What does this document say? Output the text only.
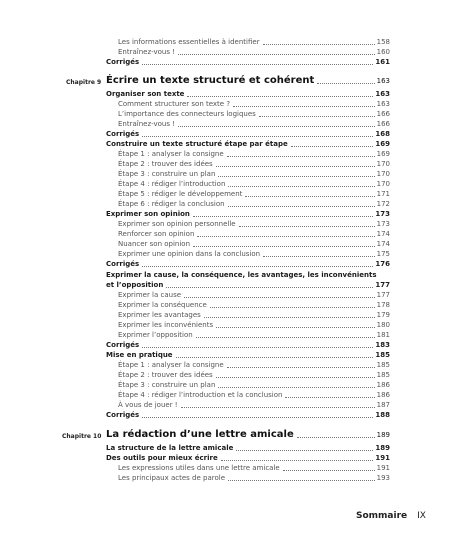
Les informations essentielles à identifier	158
Entraînez-vous !	160
Corrigés	161
Chapitre 9 Écrire un texte structuré et cohérent	163
Organiser son texte	163
Comment structurer son texte ?	163
L’importance des connecteurs logiques	166
Entraînez-vous !	166
Corrigés	168
Construire un texte structuré étape par étape	169
Étape 1 : analyser la consigne	169
Étape 2 : trouver des idées	170
Étape 3 : construire un plan	170
Étape 4 : rédiger l’introduction	170
Étape 5 : rédiger le développement	171
Étape 6 : rédiger la conclusion	172
Exprimer son opinion	173
Exprimer son opinion personnelle	173
Renforcer son opinion	174
Nuancer son opinion	174
Exprimer une opinion dans la conclusion	175
Corrigés	176
Exprimer la cause, la conséquence, les avantages, les inconvénients
et l’opposition	177
Exprimer la cause	177
Exprimer la conséquence	178
Exprimer les avantages	179
Exprimer les inconvénients	180
Exprimer l’opposition	181
Corrigés	183
Mise en pratique	185
Étape 1 : analyser la consigne	185
Étape 2 : trouver des idées	185
Étape 3 : construire un plan	186
Étape 4 : rédiger l’introduction et la conclusion	186
À vous de jouer !	187
Corrigés	188
Chapitre 10 La rédaction d’une lettre amicale	189
La structure de la lettre amicale	189
Des outils pour mieux écrire	191
Les expressions utiles dans une lettre amicale	191
Les principaux actes de parole	193
Sommaire IX
